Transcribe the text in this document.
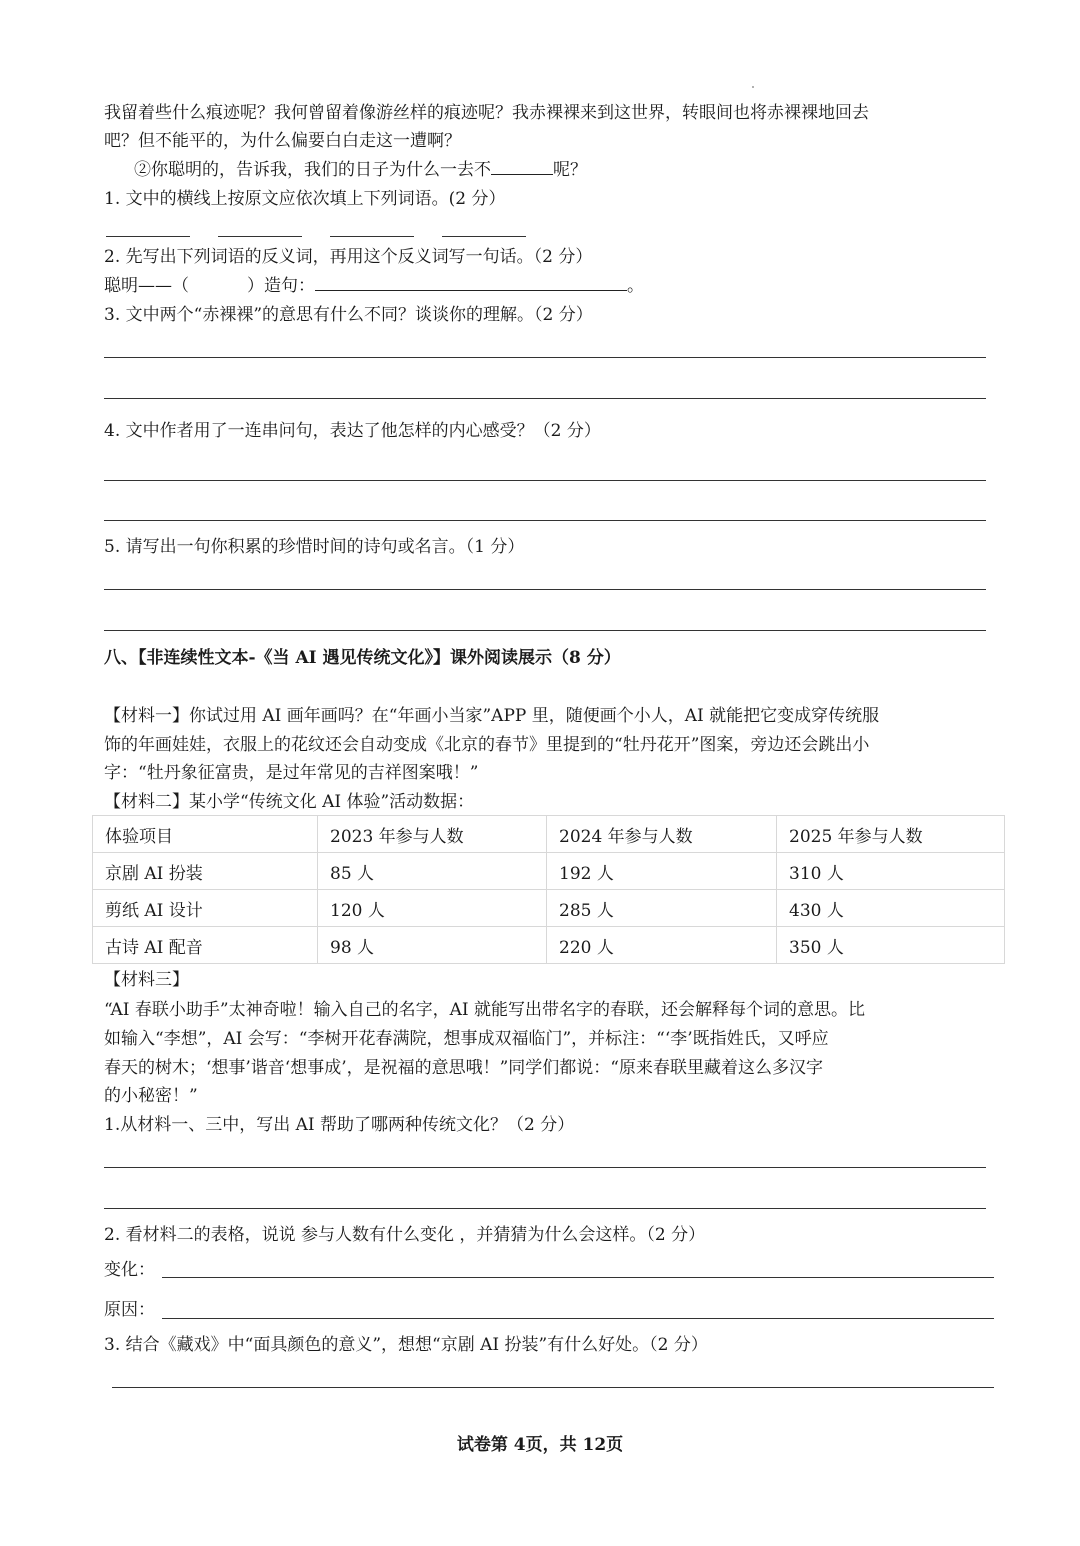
我留着些什么痕迹呢？我何曾留着像游丝样的痕迹呢？我赤裸裸来到这世界，转眼间也将赤裸裸地回去
吧？但不能平的，为什么偏要白白走这一遭啊？
②你聪明的，告诉我，我们的日子为什么一去不	呢？
1. 文中的横线上按原文应依次填上下列词语。(2 分）
2. 先写出下列词语的反义词，再用这个反义词写一句话。（2 分）
聪明——（	）造句：	。
3. 文中两个“赤裸裸”的意思有什么不同？谈谈你的理解。（2 分）
4. 文中作者用了一连串问句，表达了他怎样的内心感受？（2 分）
5. 请写出一句你积累的珍惜时间的诗句或名言。（1 分）
八、【非连续性文本-《当 AI 遇见传统文化》】课外阅读展示（8 分）
【材料一】你试过用 AI 画年画吗？在“年画小当家”APP 里，随便画个小人，AI 就能把它变成穿传统服
饰的年画娃娃，衣服上的花纹还会自动变成《北京的春节》里提到的“牡丹花开”图案，旁边还会跳出小
字：“牡丹象征富贵，是过年常见的吉祥图案哦！”
【材料二】某小学“传统文化 AI 体验”活动数据：
体验项目	2023 年参与人数	2024 年参与人数	2025 年参与人数
京剧 AI 扮装	85 人	192 人	310 人
剪纸 AI 设计	120 人	285 人	430 人
古诗 AI 配音	98 人	220 人	350 人
【材料三】
“AI 春联小助手”太神奇啦！输入自己的名字，AI 就能写出带名字的春联，还会解释每个词的意思。比
如输入“李想”，AI 会写：“李树开花春满院，想事成双福临门”，并标注：“‘李’既指姓氏，又呼应
春天的树木；‘想事’谐音‘想事成’，是祝福的意思哦！”同学们都说：“原来春联里藏着这么多汉字
的小秘密！”
1.从材料一、三中，写出 AI 帮助了哪两种传统文化？（2 分）
2. 看材料二的表格，说说 参与人数有什么变化 ，并猜猜为什么会这样。（2 分）
变化：
原因：
3. 结合《藏戏》中“面具颜色的意义”，想想“京剧 AI 扮装”有什么好处。（2 分）
试卷第 4页，共 12页
